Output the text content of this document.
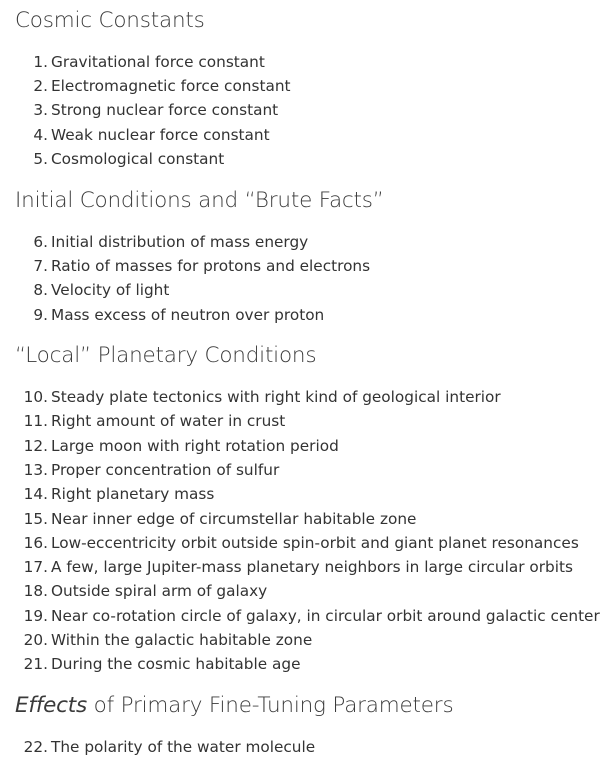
Cosmic Constants
1. Gravitational force constant
2. Electromagnetic force constant
3. Strong nuclear force constant
4. Weak nuclear force constant
5. Cosmological constant
Initial Conditions and “Brute Facts”
6. Initial distribution of mass energy
7. Ratio of masses for protons and electrons
8. Velocity of light
9. Mass excess of neutron over proton
“Local” Planetary Conditions
10. Steady plate tectonics with right kind of geological interior
11. Right amount of water in crust
12. Large moon with right rotation period
13. Proper concentration of sulfur
14. Right planetary mass
15. Near inner edge of circumstellar habitable zone
16. Low-eccentricity orbit outside spin-orbit and giant planet resonances
17. A few, large Jupiter-mass planetary neighbors in large circular orbits
18. Outside spiral arm of galaxy
19. Near co-rotation circle of galaxy, in circular orbit around galactic center
20. Within the galactic habitable zone
21. During the cosmic habitable age
Effects of Primary Fine-Tuning Parameters
22. The polarity of the water molecule
